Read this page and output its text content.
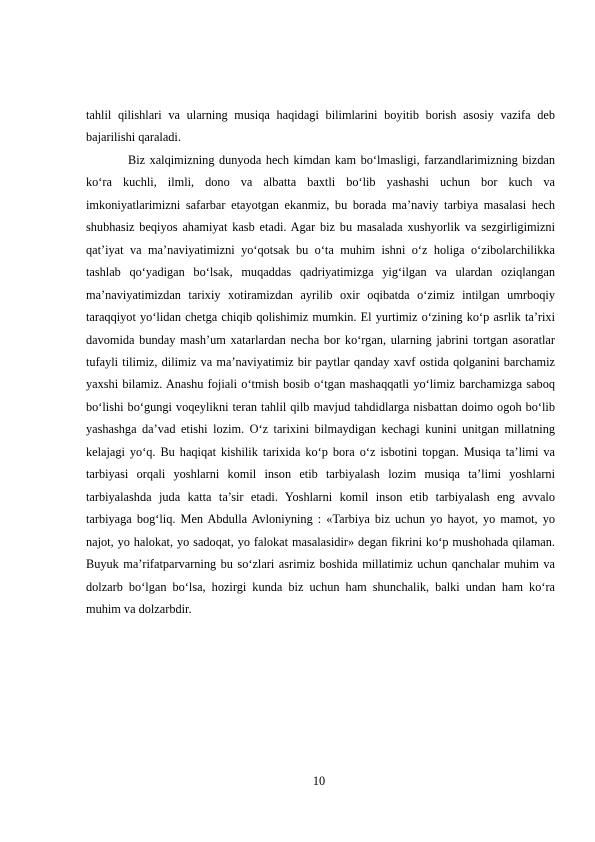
tahlil qilishlari va ularning musiqa haqidagi bilimlarini boyitib borish asosiy vazifa deb bajarilishi qaraladi.

Biz xalqimizning dunyoda hech kimdan kam bo‘lmasligi, farzandlarimizning bizdan ko‘ra kuchli, ilmli, dono va albatta baxtli bo‘lib yashashi uchun bor kuch va imkoniyatlarimizni safarbar etayotgan ekanmiz, bu borada ma’naviy tarbiya masalasi hech shubhasiz beqiyos ahamiyat kasb etadi. Agar biz bu masalada xushyorlik va sezgirligimizni qat’iyat va ma’naviyatimizni yo‘qotsak bu o‘ta muhim ishni o‘z holiga o‘zibolarchilikka tashlab qo‘yadigan bo‘lsak, muqaddas qadriyatimizga yig‘ilgan va ulardan oziqlangan ma’naviyatimizdan tarixiy xotiramizdan ayrilib oxir oqibatda o‘zimiz intilgan umrboqiy taraqqiyot yo‘lidan chetga chiqib qolishimiz mumkin. El yurtimiz o‘zining ko‘p asrlik ta’rixi davomida bunday mash’um xatarlardan necha bor ko‘rgan, ularning jabrini tortgan asoratlar tufayli tilimiz, dilimiz va ma’naviyatimiz bir paytlar qanday xavf ostida qolganini barchamiz yaxshi bilamiz. Anashu fojiali o‘tmish bosib o‘tgan mashaqqatli yo‘limiz barchamizga saboq bo‘lishi bo‘gungi voqeylikni teran tahlil qilb mavjud tahdidlarga nisbattan doimo ogoh bo‘lib yashashga da’vad etishi lozim. O‘z tarixini bilmaydigan kechagi kunini unitgan millatning kelajagi yo‘q. Bu haqiqat kishilik tarixida ko‘p bora o‘z isbotini topgan. Musiqa ta’limi va tarbiyasi orqali yoshlarni komil inson etib tarbiyalash lozim musiqa ta’limi yoshlarni tarbiyalashda juda katta ta’sir etadi. Yoshlarni komil inson etib tarbiyalash eng avvalo tarbiyaga bog‘liq. Men Abdulla Avloniyning : «Tarbiya biz uchun yo hayot, yo mamot, yo najot, yo halokat, yo sadoqat, yo falokat masalasidir» degan fikrini ko‘p mushohada qilaman. Buyuk ma’rifatparvarning bu so‘zlari asrimiz boshida millatimiz uchun qanchalar muhim va dolzarb bo‘lgan bo‘lsa, hozirgi kunda biz uchun ham shunchalik, balki undan ham ko‘ra muhim va dolzarbdir.

10
